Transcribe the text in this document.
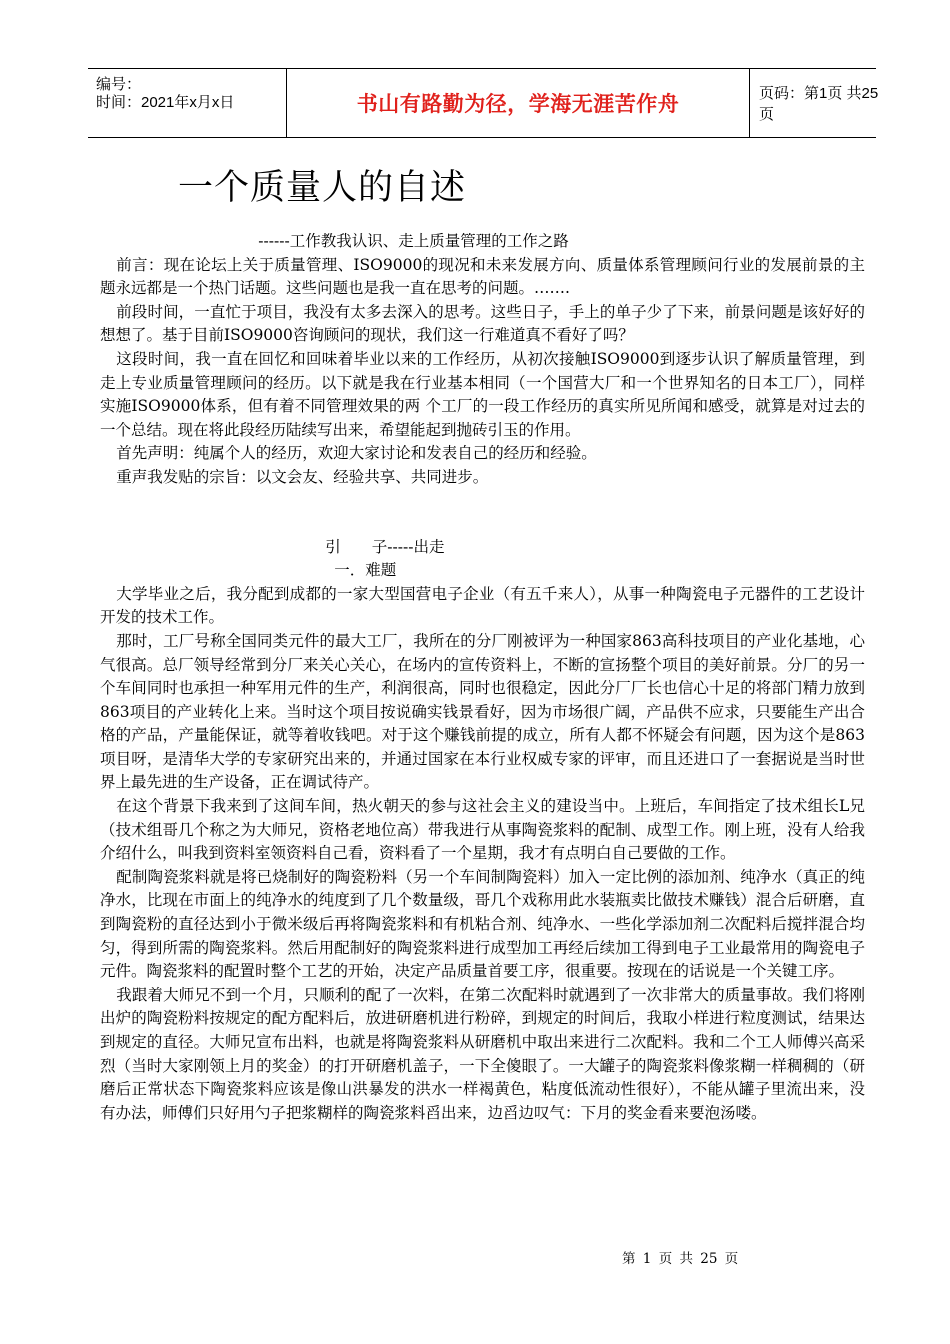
编号：
时间：2021年x月x日	书山有路勤为径，学海无涯苦作舟	页码：第1页 共25页
一个质量人的自述

------工作教我认识、走上质量管理的工作之路

前言：现在论坛上关于质量管理、ISO9000的现况和未来发展方向、质量体系管理顾问行业的发展前景的主题永远都是一个热门话题。这些问题也是我一直在思考的问题。…….

前段时间，一直忙于项目，我没有太多去深入的思考。这些日子，手上的单子少了下来，前景问题是该好好的想想了。基于目前ISO9000咨询顾问的现状，我们这一行难道真不看好了吗？

这段时间，我一直在回忆和回味着毕业以来的工作经历，从初次接触ISO9000到逐步认识了解质量管理，到走上专业质量管理顾问的经历。以下就是我在行业基本相同（一个国营大厂和一个世界知名的日本工厂），同样实施ISO9000体系，但有着不同管理效果的两 个工厂的一段工作经历的真实所见所闻和感受，就算是对过去的一个总结。现在将此段经历陆续写出来，希望能起到抛砖引玉的作用。

首先声明：纯属个人的经历，欢迎大家讨论和发表自己的经历和经验。

重声我发贴的宗旨：以文会友、经验共享、共同进步。

引　　子-----出走

一．难题

大学毕业之后，我分配到成都的一家大型国营电子企业（有五千来人），从事一种陶瓷电子元器件的工艺设计开发的技术工作。

那时，工厂号称全国同类元件的最大工厂，我所在的分厂刚被评为一种国家863高科技项目的产业化基地，心气很高。总厂领导经常到分厂来关心关心，在场内的宣传资料上，不断的宣扬整个项目的美好前景。分厂的另一个车间同时也承担一种军用元件的生产，利润很高，同时也很稳定，因此分厂厂长也信心十足的将部门精力放到863项目的产业转化上来。当时这个项目按说确实钱景看好，因为市场很广阔，产品供不应求，只要能生产出合格的产品，产量能保证，就等着收钱吧。对于这个赚钱前提的成立，所有人都不怀疑会有问题，因为这个是863项目呀，是清华大学的专家研究出来的，并通过国家在本行业权威专家的评审，而且还进口了一套据说是当时世界上最先进的生产设备，正在调试待产。

在这个背景下我来到了这间车间，热火朝天的参与这社会主义的建设当中。上班后，车间指定了技术组长L兄（技术组哥几个称之为大师兄，资格老地位高）带我进行从事陶瓷浆料的配制、成型工作。刚上班，没有人给我介绍什么，叫我到资料室领资料自己看，资料看了一个星期，我才有点明白自己要做的工作。

配制陶瓷浆料就是将已烧制好的陶瓷粉料（另一个车间制陶瓷料）加入一定比例的添加剂、纯净水（真正的纯净水，比现在市面上的纯净水的纯度到了几个数量级，哥几个戏称用此水装瓶卖比做技术赚钱）混合后研磨，直到陶瓷粉的直径达到小于微米级后再将陶瓷浆料和有机粘合剂、纯净水、一些化学添加剂二次配料后搅拌混合均匀，得到所需的陶瓷浆料。然后用配制好的陶瓷浆料进行成型加工再经后续加工得到电子工业最常用的陶瓷电子元件。陶瓷浆料的配置时整个工艺的开始，决定产品质量首要工序，很重要。按现在的话说是一个关键工序。

我跟着大师兄不到一个月，只顺利的配了一次料，在第二次配料时就遇到了一次非常大的质量事故。我们将刚出炉的陶瓷粉料按规定的配方配料后，放进研磨机进行粉碎，到规定的时间后，我取小样进行粒度测试，结果达到规定的直径。大师兄宣布出料，也就是将陶瓷浆料从研磨机中取出来进行二次配料。我和二个工人师傅兴高采烈（当时大家刚领上月的奖金）的打开研磨机盖子，一下全傻眼了。一大罐子的陶瓷浆料像浆糊一样稠稠的（研磨后正常状态下陶瓷浆料应该是像山洪暴发的洪水一样褐黄色，粘度低流动性很好），不能从罐子里流出来，没有办法，师傅们只好用勺子把浆糊样的陶瓷浆料舀出来，边舀边叹气：下月的奖金看来要泡汤喽。

第 1 页 共 25 页
